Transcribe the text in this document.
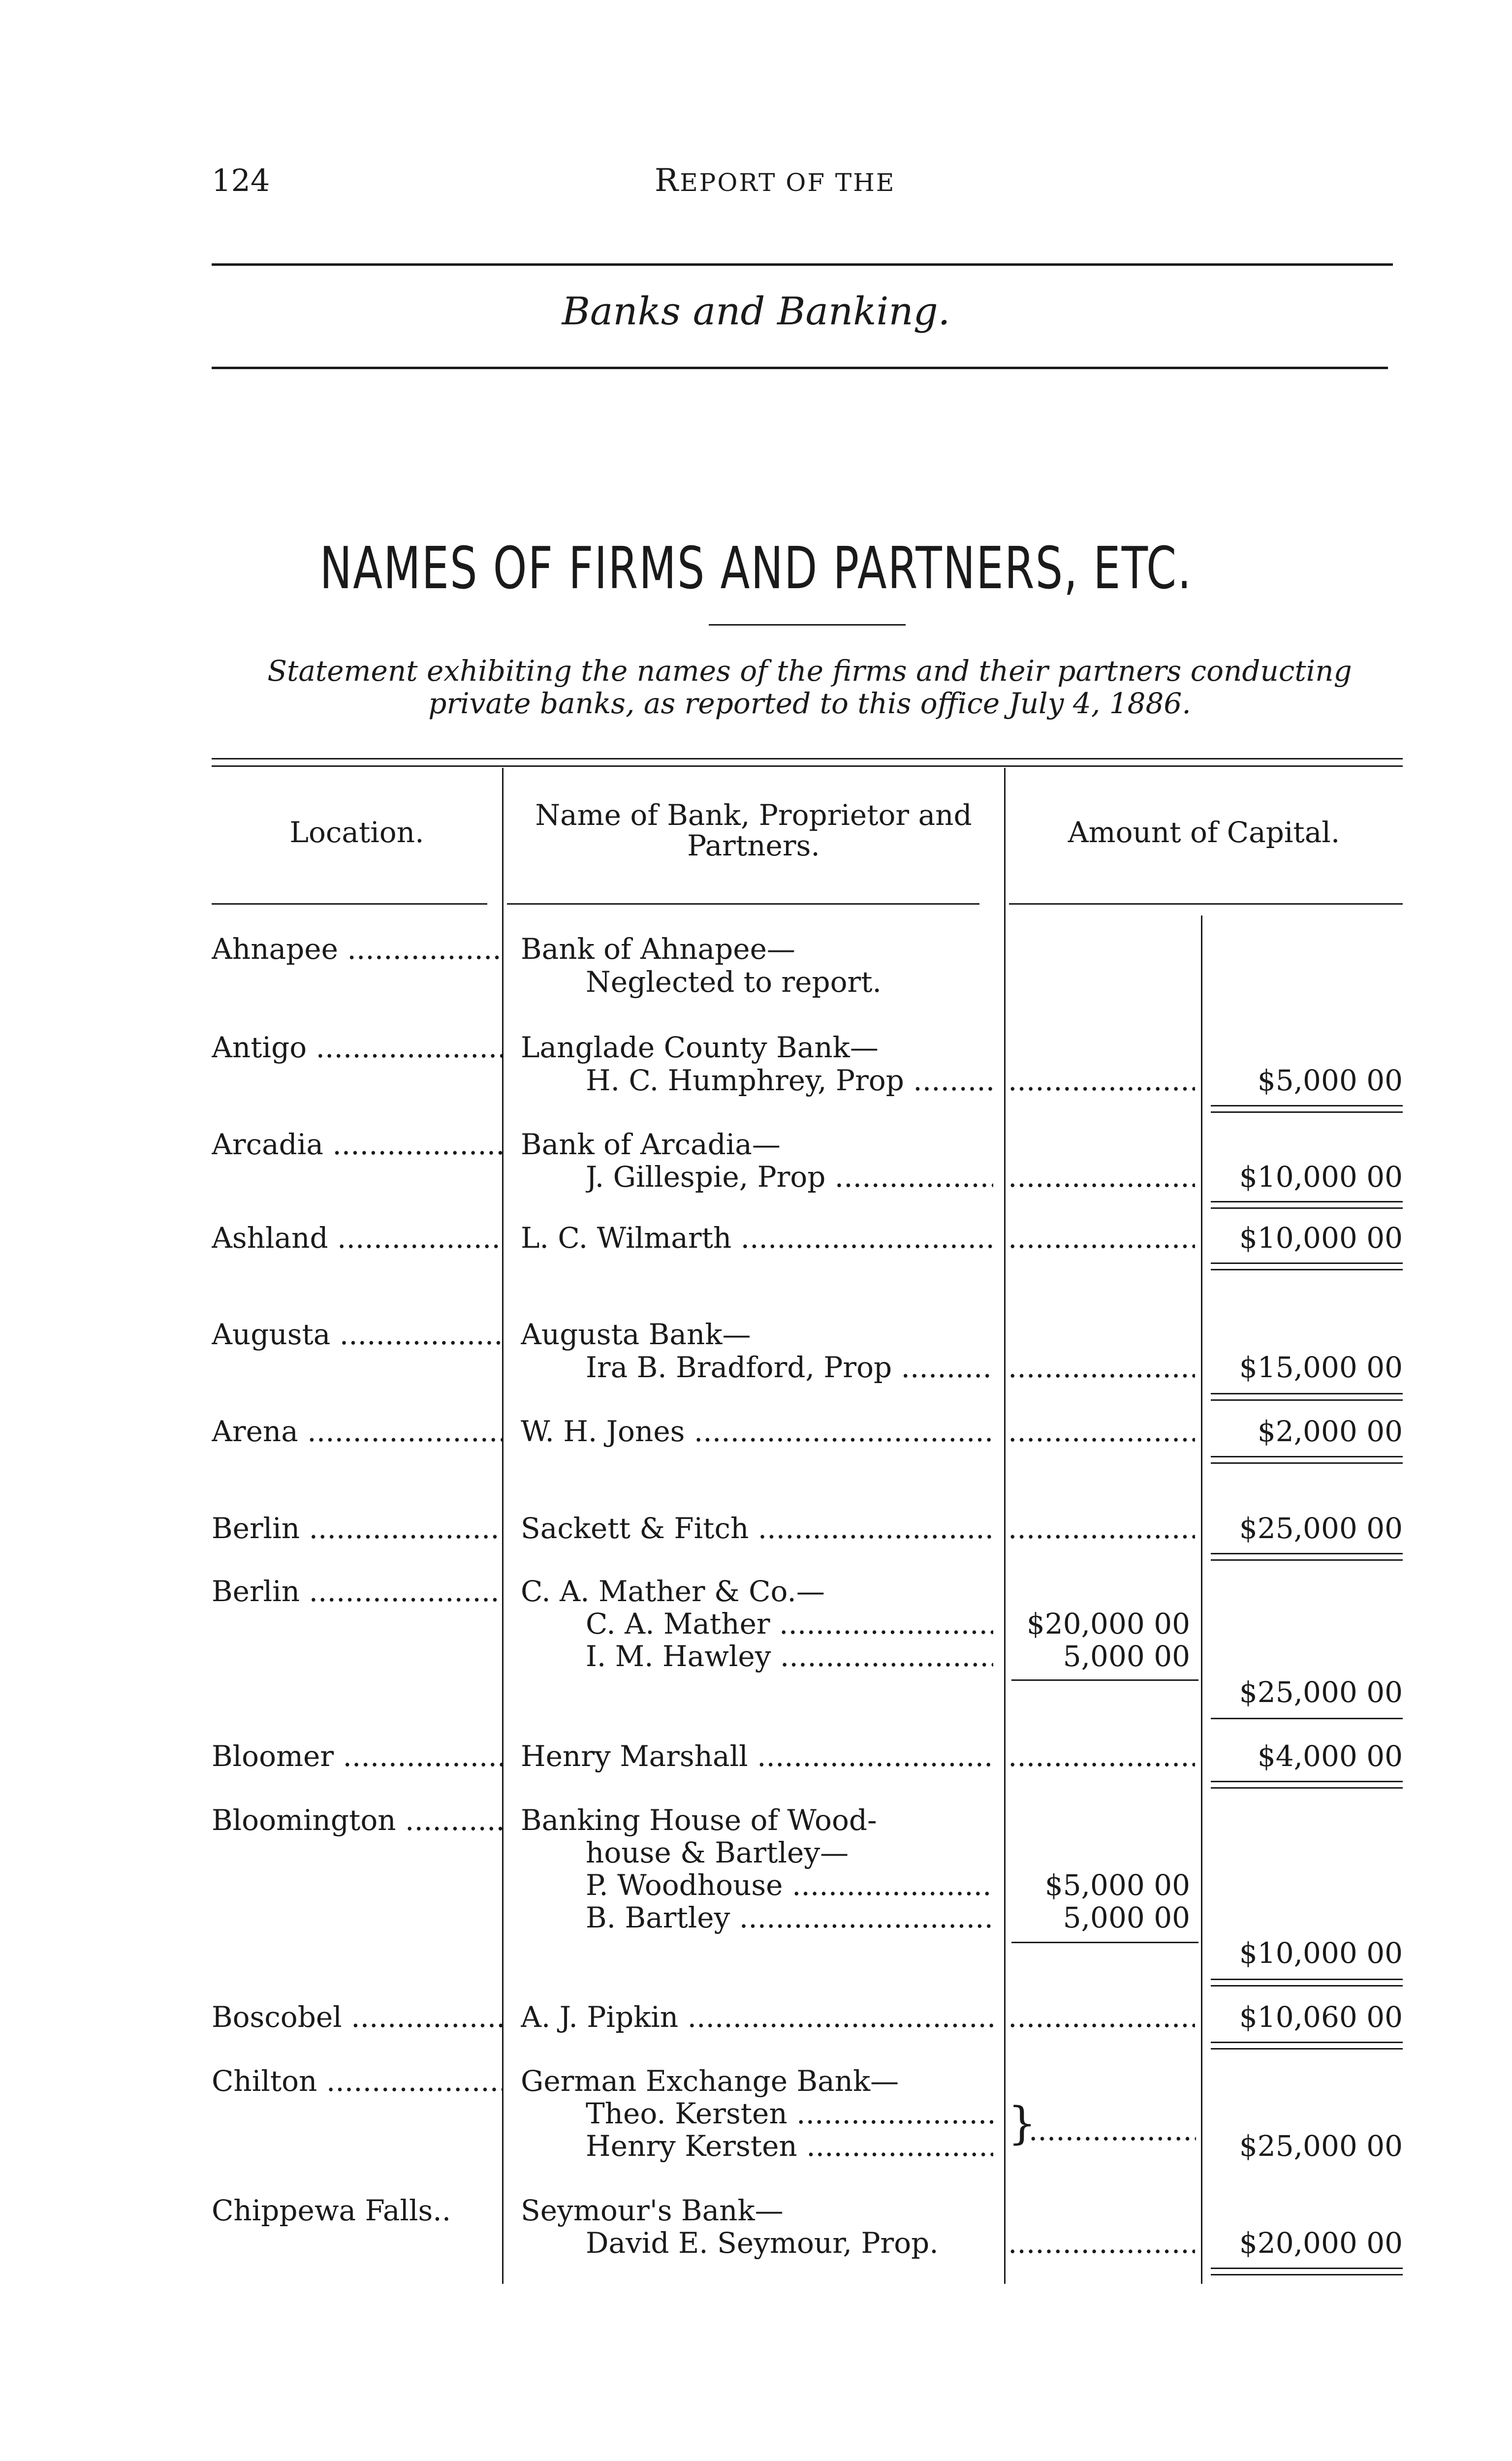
124	REPORT OF THE
Banks and Banking.
NAMES OF FIRMS AND PARTNERS, ETC.
Statement exhibiting the names of the firms and their partners conducting
private banks, as reported to this office July 4, 1886.
Location.
Name of Bank, Proprietor and
Partners.	Amount of Capital.
Ahnapee .....	Bank of Ahnapee—
Neglected to report.
Antigo .....	Langlade County Bank—
H. C. Humphrey, Prop ..... .....	$5,000 00
Arcadia .....	Bank of Arcadia—
J. Gillespie, Prop ..... .....	$10,000 00
Ashland .....	L. C. Wilmarth ..... .....	$10,000 00
Augusta .....	Augusta Bank—
Ira B. Bradford, Prop ..... .....	$15,000 00
Arena .....	W. H. Jones ..... .....	$2,000 00
Berlin .....	Sackett & Fitch ..... .....	$25,000 00
Berlin .....	C. A. Mather & Co.—
C. A. Mather .....	$20,000 00
I. M. Hawley .....	5,000 00
$25,000 00
Bloomer .....	Henry Marshall ..... .....	$4,000 00
Bloomington .....	Banking House of Wood-
house & Bartley—
P. Woodhouse .....	$5,000 00
B. Bartley .....	5,000 00
$10,000 00
Boscobel .....	A. J. Pipkin ..... .....	$10,060 00
Chilton .....	German Exchange Bank—
Theo. Kersten .....
Henry Kersten .....	} .....	$25,000 00
Chippewa Falls..	Seymour's Bank—
David E. Seymour, Prop. .....	$20,000 00
